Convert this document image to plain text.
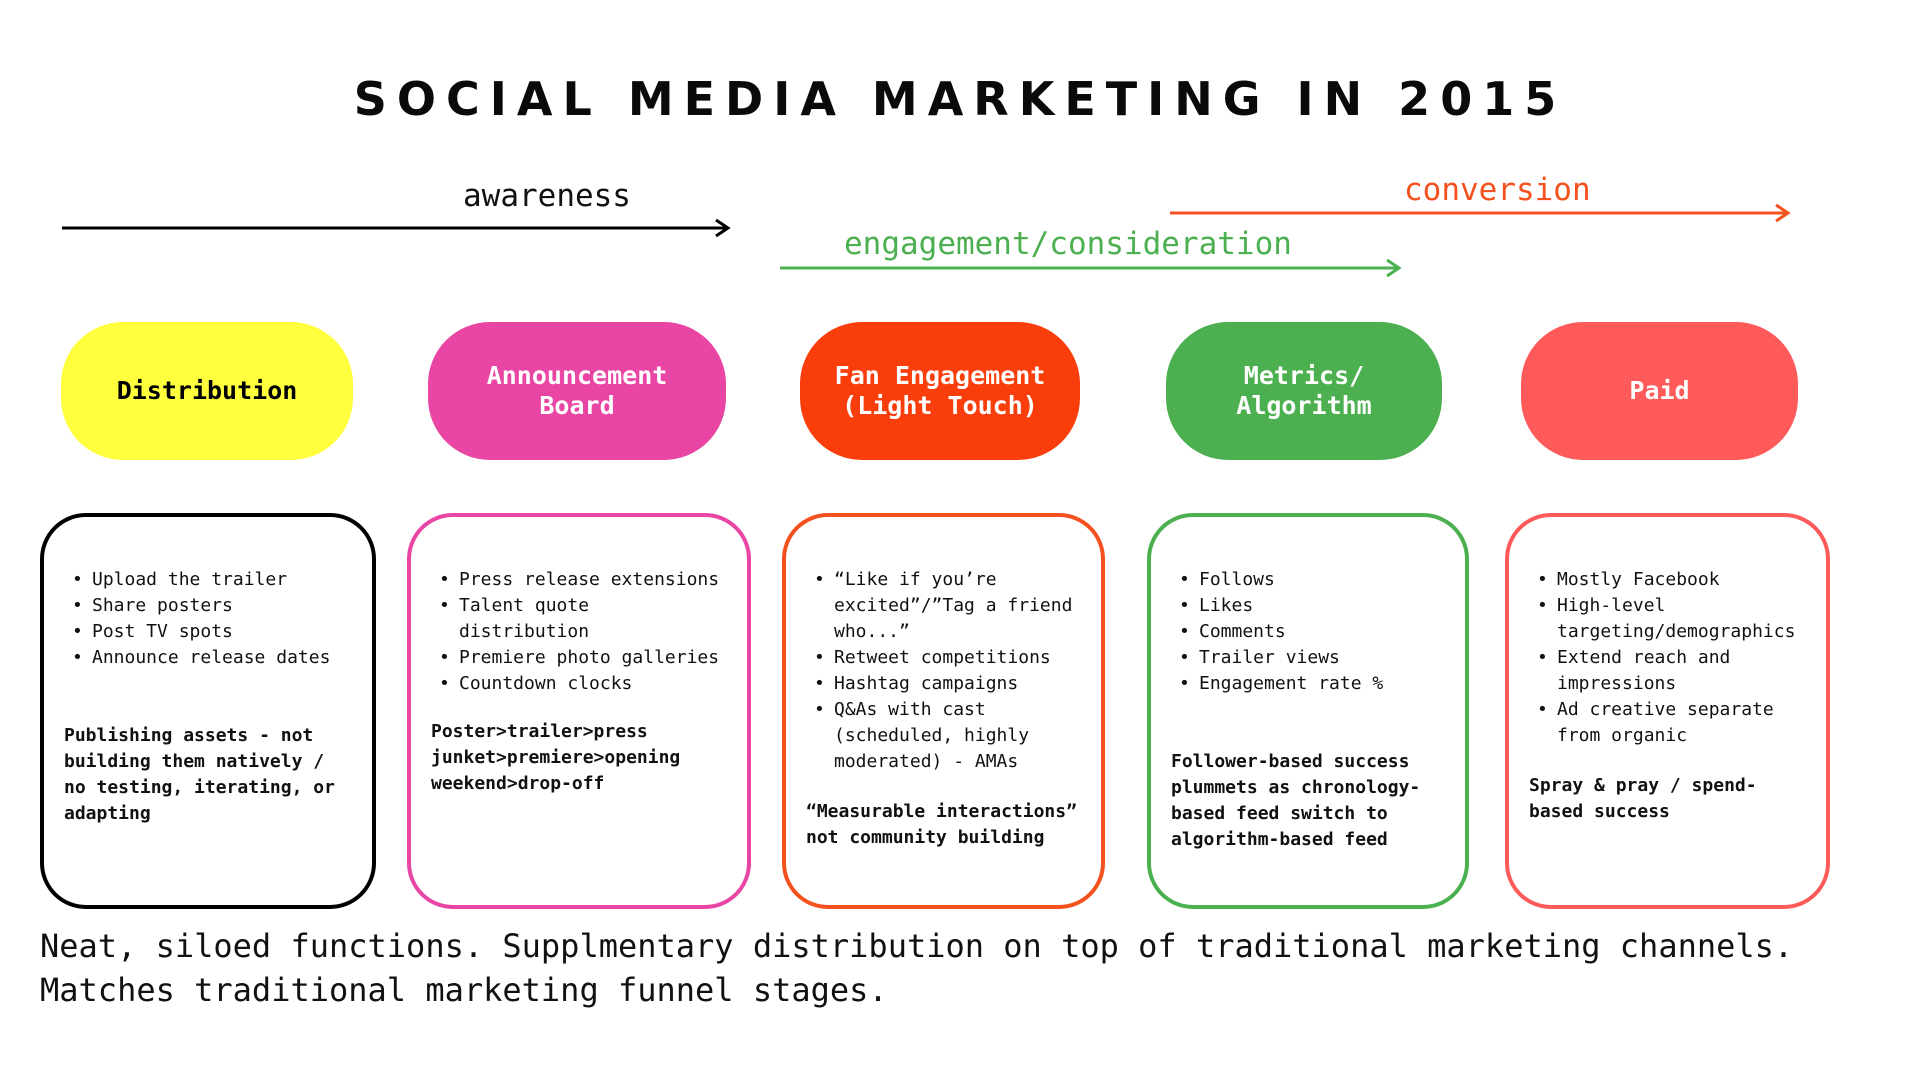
SOCIAL MEDIA MARKETING IN 2015
awareness
engagement/consideration
conversion
Distribution
Announcement
Board
Fan Engagement
(Light Touch)
Metrics/
Algorithm
Paid
• Upload the trailer
• Share posters
• Post TV spots
• Announce release dates
Publishing assets - not building them natively / no testing, iterating, or adapting
• Press release extensions
• Talent quote distribution
• Premiere photo galleries
• Countdown clocks
Poster>trailer>press junket>premiere>opening weekend>drop-off
• “Like if you’re excited”/”Tag a friend who...”
• Retweet competitions
• Hashtag campaigns
• Q&As with cast (scheduled, highly moderated) - AMAs
“Measurable interactions” not community building
• Follows
• Likes
• Comments
• Trailer views
• Engagement rate %
Follower-based success plummets as chronology-based feed switch to algorithm-based feed
• Mostly Facebook
• High-level targeting/demographics
• Extend reach and impressions
• Ad creative separate from organic
Spray & pray / spend-based success
Neat, siloed functions. Supplmentary distribution on top of traditional marketing channels.
Matches traditional marketing funnel stages.
